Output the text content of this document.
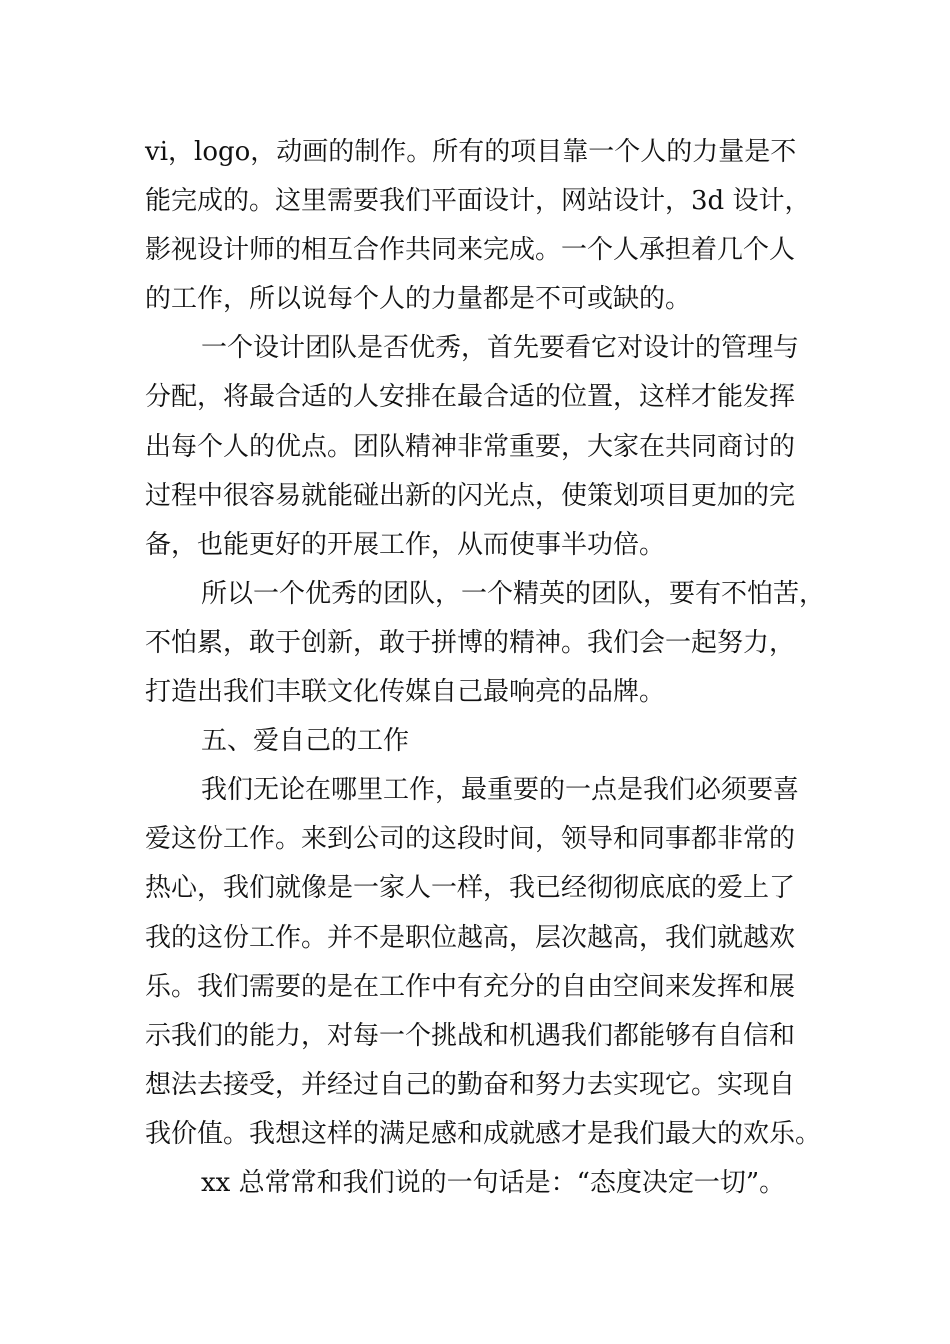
vi，logo，动画的制作。所有的项目靠一个人的力量是不
能完成的。这里需要我们平面设计，网站设计，3d 设计，
影视设计师的相互合作共同来完成。一个人承担着几个人
的工作，所以说每个人的力量都是不可或缺的。
一个设计团队是否优秀，首先要看它对设计的管理与
分配，将最合适的人安排在最合适的位置，这样才能发挥
出每个人的优点。团队精神非常重要，大家在共同商讨的
过程中很容易就能碰出新的闪光点，使策划项目更加的完
备，也能更好的开展工作，从而使事半功倍。
所以一个优秀的团队，一个精英的团队，要有不怕苦，
不怕累，敢于创新，敢于拼博的精神。我们会一起努力，
打造出我们丰联文化传媒自己最响亮的品牌。
五、爱自己的工作
我们无论在哪里工作，最重要的一点是我们必须要喜
爱这份工作。来到公司的这段时间，领导和同事都非常的
热心，我们就像是一家人一样，我已经彻彻底底的爱上了
我的这份工作。并不是职位越高，层次越高，我们就越欢
乐。我们需要的是在工作中有充分的自由空间来发挥和展
示我们的能力，对每一个挑战和机遇我们都能够有自信和
想法去接受，并经过自己的勤奋和努力去实现它。实现自
我价值。我想这样的满足感和成就感才是我们最大的欢乐。
xx 总常常和我们说的一句话是：“态度决定一切”。
